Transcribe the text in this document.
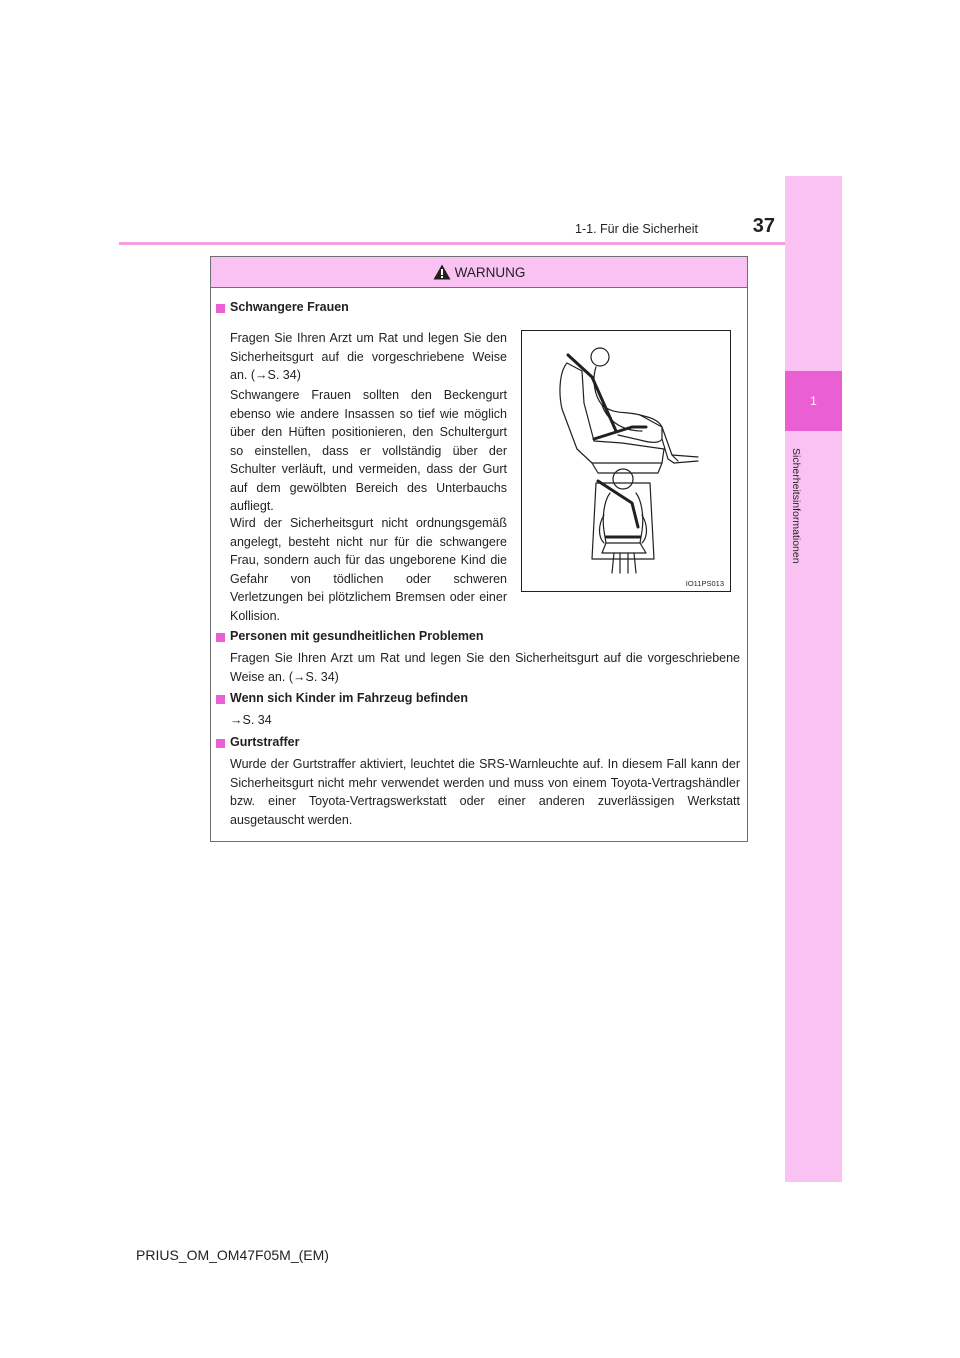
1
Sicherheitsinformationen
1-1. Für die Sicherheit	37
WARNUNG
Schwangere Frauen
Fragen Sie Ihren Arzt um Rat und legen Sie den Sicherheitsgurt auf die vorgeschriebene Weise an. (→S. 34)
Schwangere Frauen sollten den Beckengurt ebenso wie andere Insassen so tief wie möglich über den Hüften positionieren, den Schultergurt so einstellen, dass er vollständig über der Schulter verläuft, und vermeiden, dass der Gurt auf dem gewölbten Bereich des Unterbauchs aufliegt.
Wird der Sicherheitsgurt nicht ordnungsgemäß angelegt, besteht nicht nur für die schwangere Frau, sondern auch für das ungeborene Kind die Gefahr von tödlichen oder schweren Verletzungen bei plötzlichem Bremsen oder einer Kollision.
IO11PS013
Personen mit gesundheitlichen Problemen
Fragen Sie Ihren Arzt um Rat und legen Sie den Sicherheitsgurt auf die vorgeschriebene Weise an. (→S. 34)
Wenn sich Kinder im Fahrzeug befinden
→S. 34
Gurtstraffer
Wurde der Gurtstraffer aktiviert, leuchtet die SRS-Warnleuchte auf. In diesem Fall kann der Sicherheitsgurt nicht mehr verwendet werden und muss von einem Toyota-Vertragshändler bzw. einer Toyota-Vertragswerkstatt oder einer anderen zuverlässigen Werkstatt ausgetauscht werden.
PRIUS_OM_OM47F05M_(EM)
